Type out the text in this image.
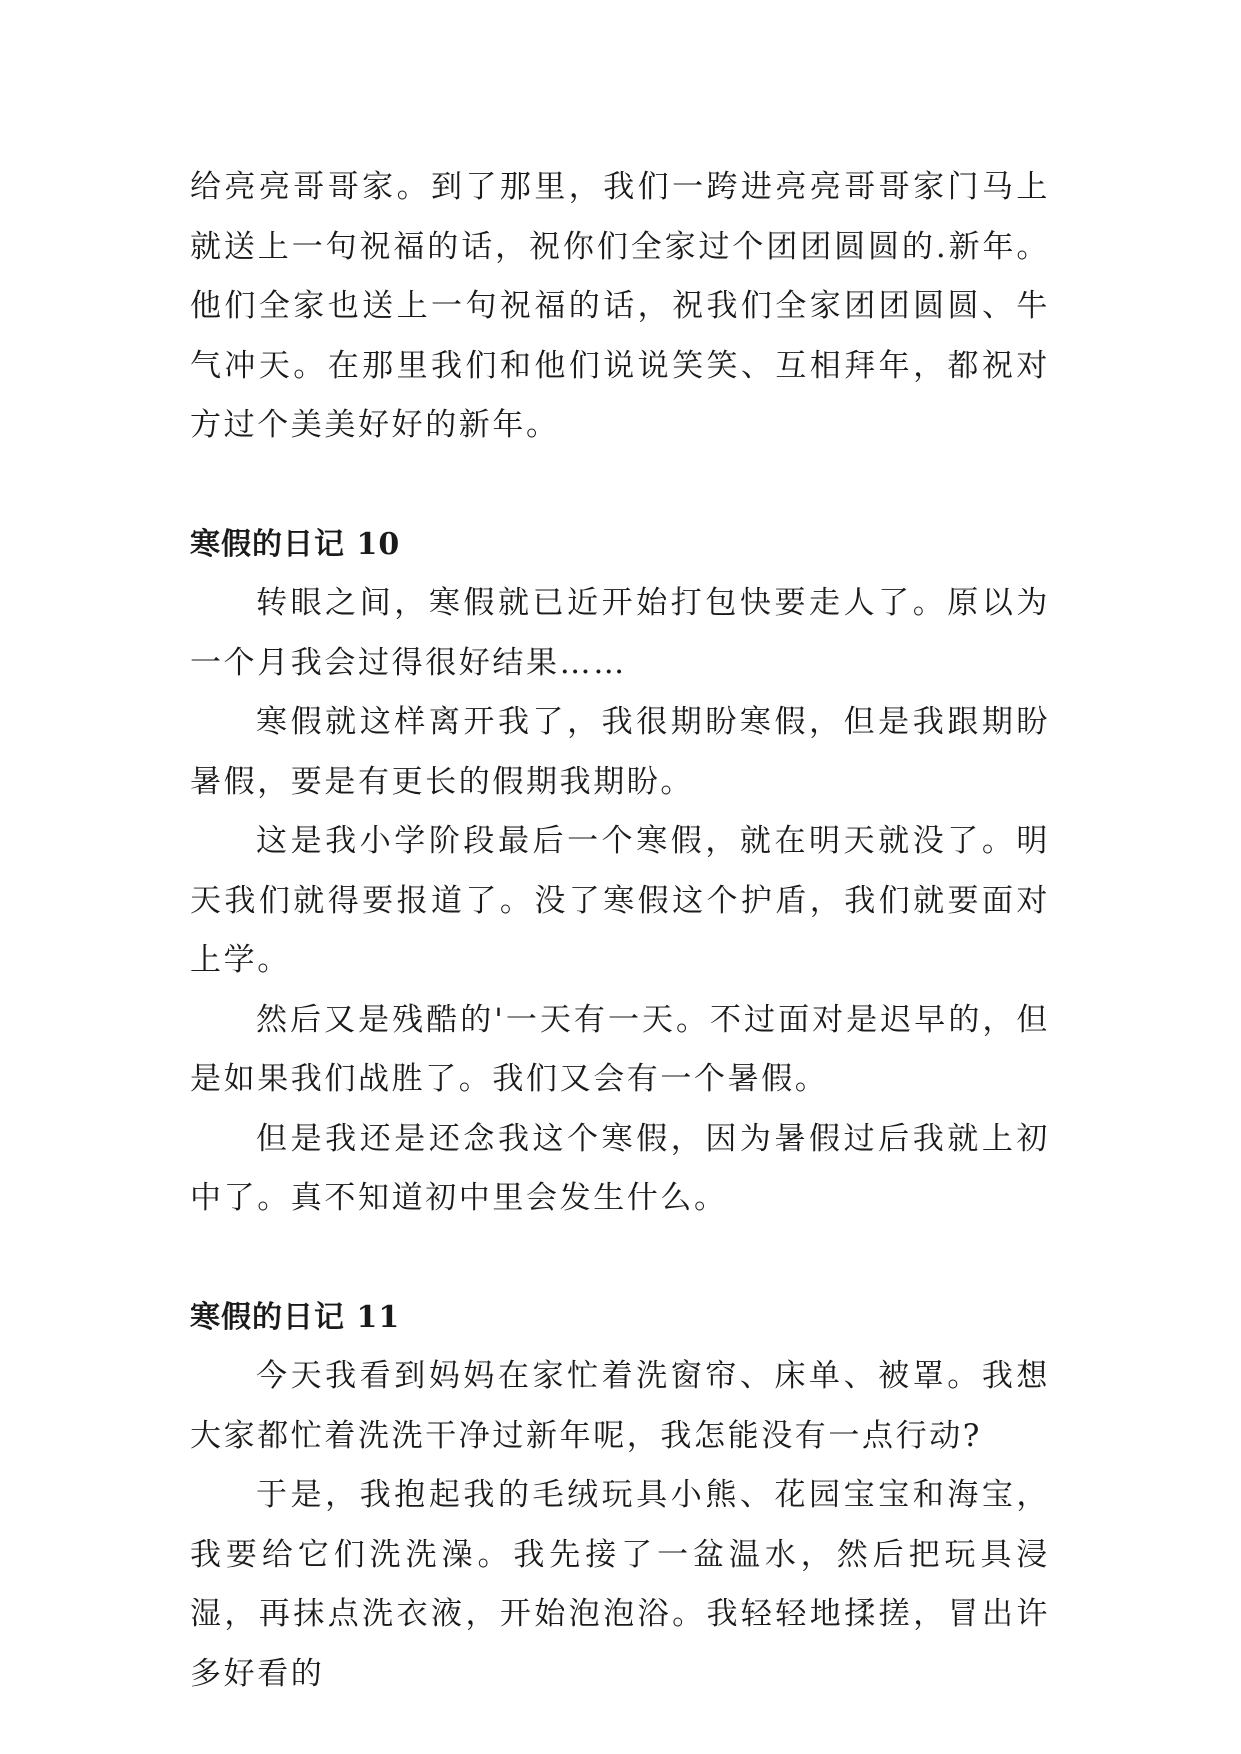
给亮亮哥哥家。到了那里，我们一跨进亮亮哥哥家门马上就送上一句祝福的话，祝你们全家过个团团圆圆的.新年。他们全家也送上一句祝福的话，祝我们全家团团圆圆、牛气冲天。在那里我们和他们说说笑笑、互相拜年，都祝对方过个美美好好的新年。

寒假的日记 10

转眼之间，寒假就已近开始打包快要走人了。原以为一个月我会过得很好结果……

寒假就这样离开我了，我很期盼寒假，但是我跟期盼暑假，要是有更长的假期我期盼。

这是我小学阶段最后一个寒假，就在明天就没了。明天我们就得要报道了。没了寒假这个护盾，我们就要面对上学。

然后又是残酷的'一天有一天。不过面对是迟早的，但是如果我们战胜了。我们又会有一个暑假。

但是我还是还念我这个寒假，因为暑假过后我就上初中了。真不知道初中里会发生什么。

寒假的日记 11

今天我看到妈妈在家忙着洗窗帘、床单、被罩。我想大家都忙着洗洗干净过新年呢，我怎能没有一点行动?

于是，我抱起我的毛绒玩具小熊、花园宝宝和海宝，我要给它们洗洗澡。我先接了一盆温水，然后把玩具浸湿，再抹点洗衣液，开始泡泡浴。我轻轻地揉搓，冒出许多好看的
